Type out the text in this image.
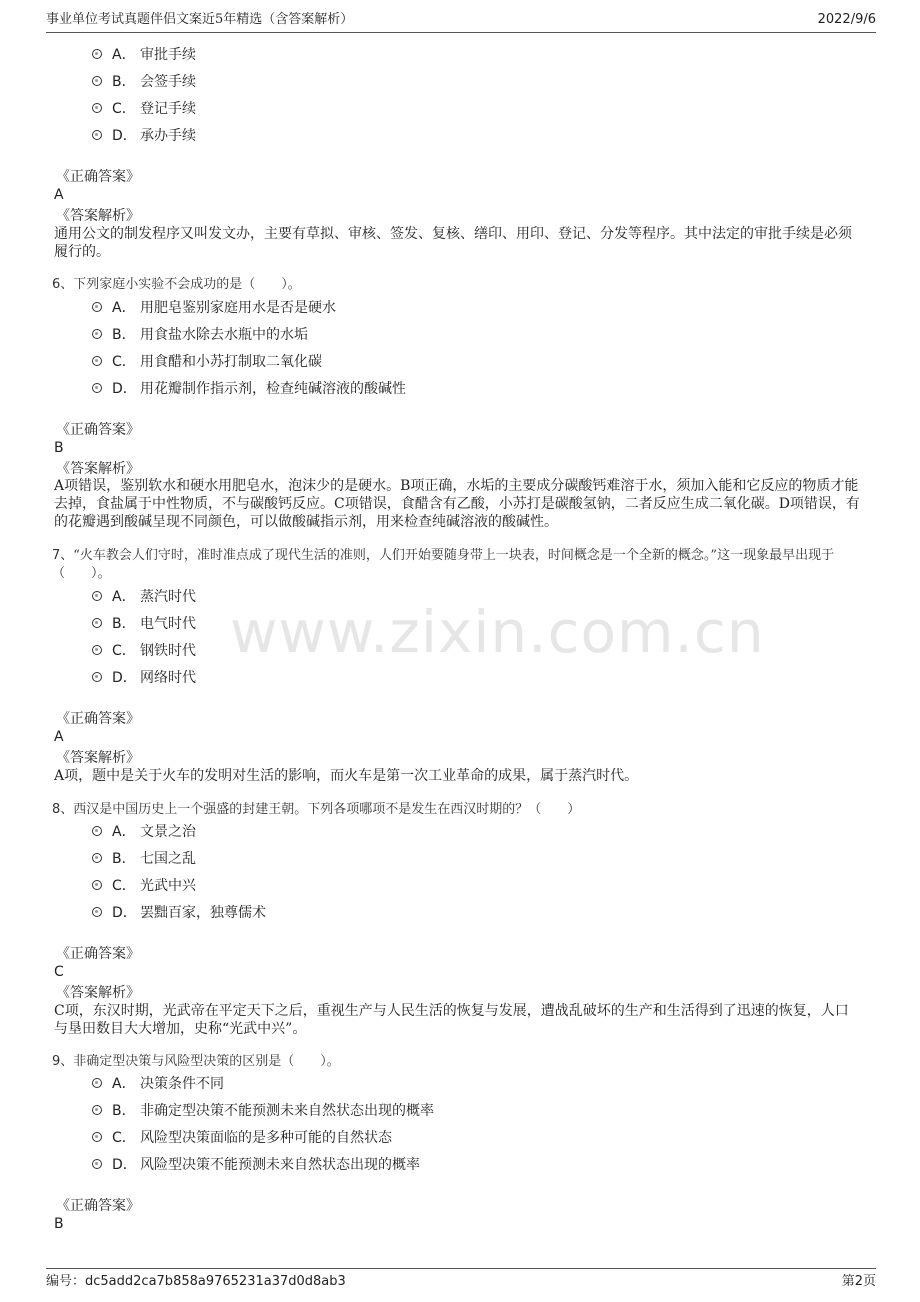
事业单位考试真题伴侣文案近5年精选（含答案解析）	2022/9/6
www.zixin.com.cn
A． 审批手续
B． 会签手续
C． 登记手续
D． 承办手续
《正确答案》
A
《答案解析》
通用公文的制发程序又叫发文办，主要有草拟、审核、签发、复核、缮印、用印、登记、分发等程序。其中法定的审批手续是必须履行的。
6、下列家庭小实验不会成功的是（　　）。
A． 用肥皂鉴别家庭用水是否是硬水
B． 用食盐水除去水瓶中的水垢
C． 用食醋和小苏打制取二氧化碳
D． 用花瓣制作指示剂，检查纯碱溶液的酸碱性
《正确答案》
B
《答案解析》
A项错误，鉴别软水和硬水用肥皂水，泡沫少的是硬水。B项正确，水垢的主要成分碳酸钙难溶于水，须加入能和它反应的物质才能去掉，食盐属于中性物质，不与碳酸钙反应。C项错误，食醋含有乙酸，小苏打是碳酸氢钠，二者反应生成二氧化碳。D项错误，有的花瓣遇到酸碱呈现不同颜色，可以做酸碱指示剂，用来检查纯碱溶液的酸碱性。
7、“火车教会人们守时，准时准点成了现代生活的准则，人们开始要随身带上一块表，时间概念是一个全新的概念。”这一现象最早出现于（　　）。
A． 蒸汽时代
B． 电气时代
C． 钢铁时代
D． 网络时代
《正确答案》
A
《答案解析》
A项，题中是关于火车的发明对生活的影响，而火车是第一次工业革命的成果，属于蒸汽时代。
8、西汉是中国历史上一个强盛的封建王朝。下列各项哪项不是发生在西汉时期的？（　　）
A． 文景之治
B． 七国之乱
C． 光武中兴
D． 罢黜百家，独尊儒术
《正确答案》
C
《答案解析》
C项，东汉时期，光武帝在平定天下之后，重视生产与人民生活的恢复与发展，遭战乱破坏的生产和生活得到了迅速的恢复，人口与垦田数目大大增加，史称“光武中兴”。
9、非确定型决策与风险型决策的区别是（　　）。
A． 决策条件不同
B． 非确定型决策不能预测未来自然状态出现的概率
C． 风险型决策面临的是多种可能的自然状态
D． 风险型决策不能预测未来自然状态出现的概率
《正确答案》
B
编号：dc5add2ca7b858a9765231a37d0d8ab3	第2页
